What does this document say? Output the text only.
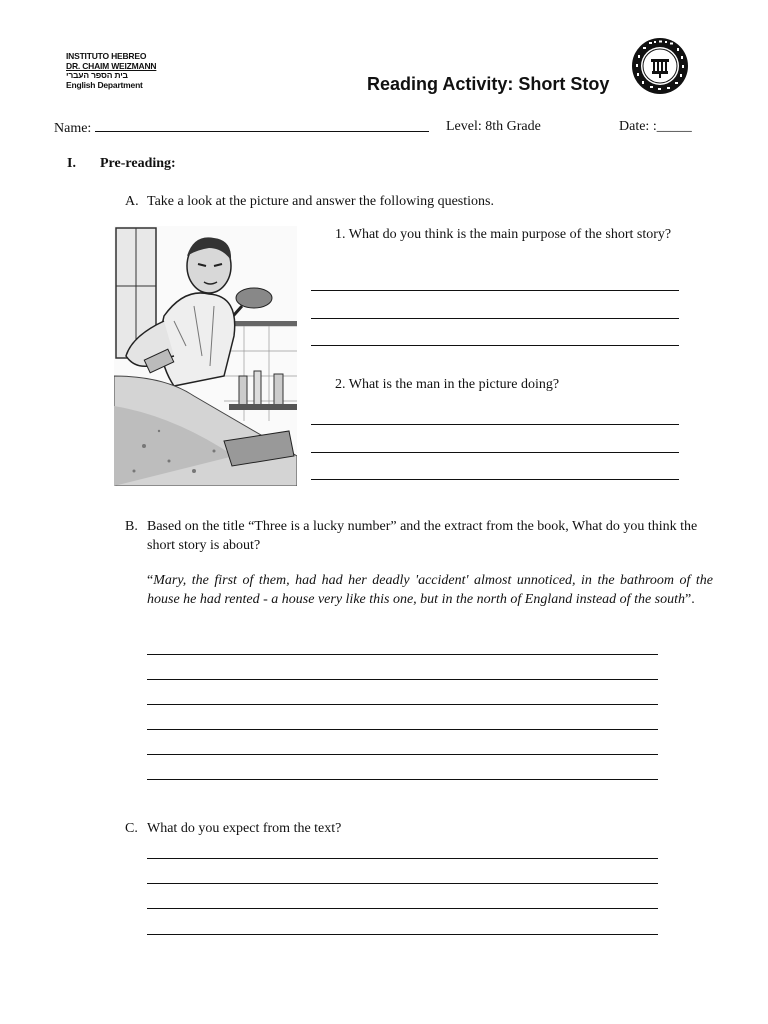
INSTITUTO HEBREO
DR. CHAIM WEIZMANN
בית הספר העברי
English Department	Reading Activity: Short Stoy
Name:	Level: 8th Grade	Date: :_____
I. Pre-reading:
A. Take a look at the picture and answer the following questions.
1. What do you think is the main purpose of the short story?
2. What is the man in the picture doing?
B. Based on the title “Three is a lucky number” and the extract from the book, What do you think the short story is about?
“Mary, the first of them, had had her deadly 'accident' almost unnoticed, in the bathroom of the house he had rented - a house very like this one, but in the north of England instead of the south”.
C. What do you expect from the text?
